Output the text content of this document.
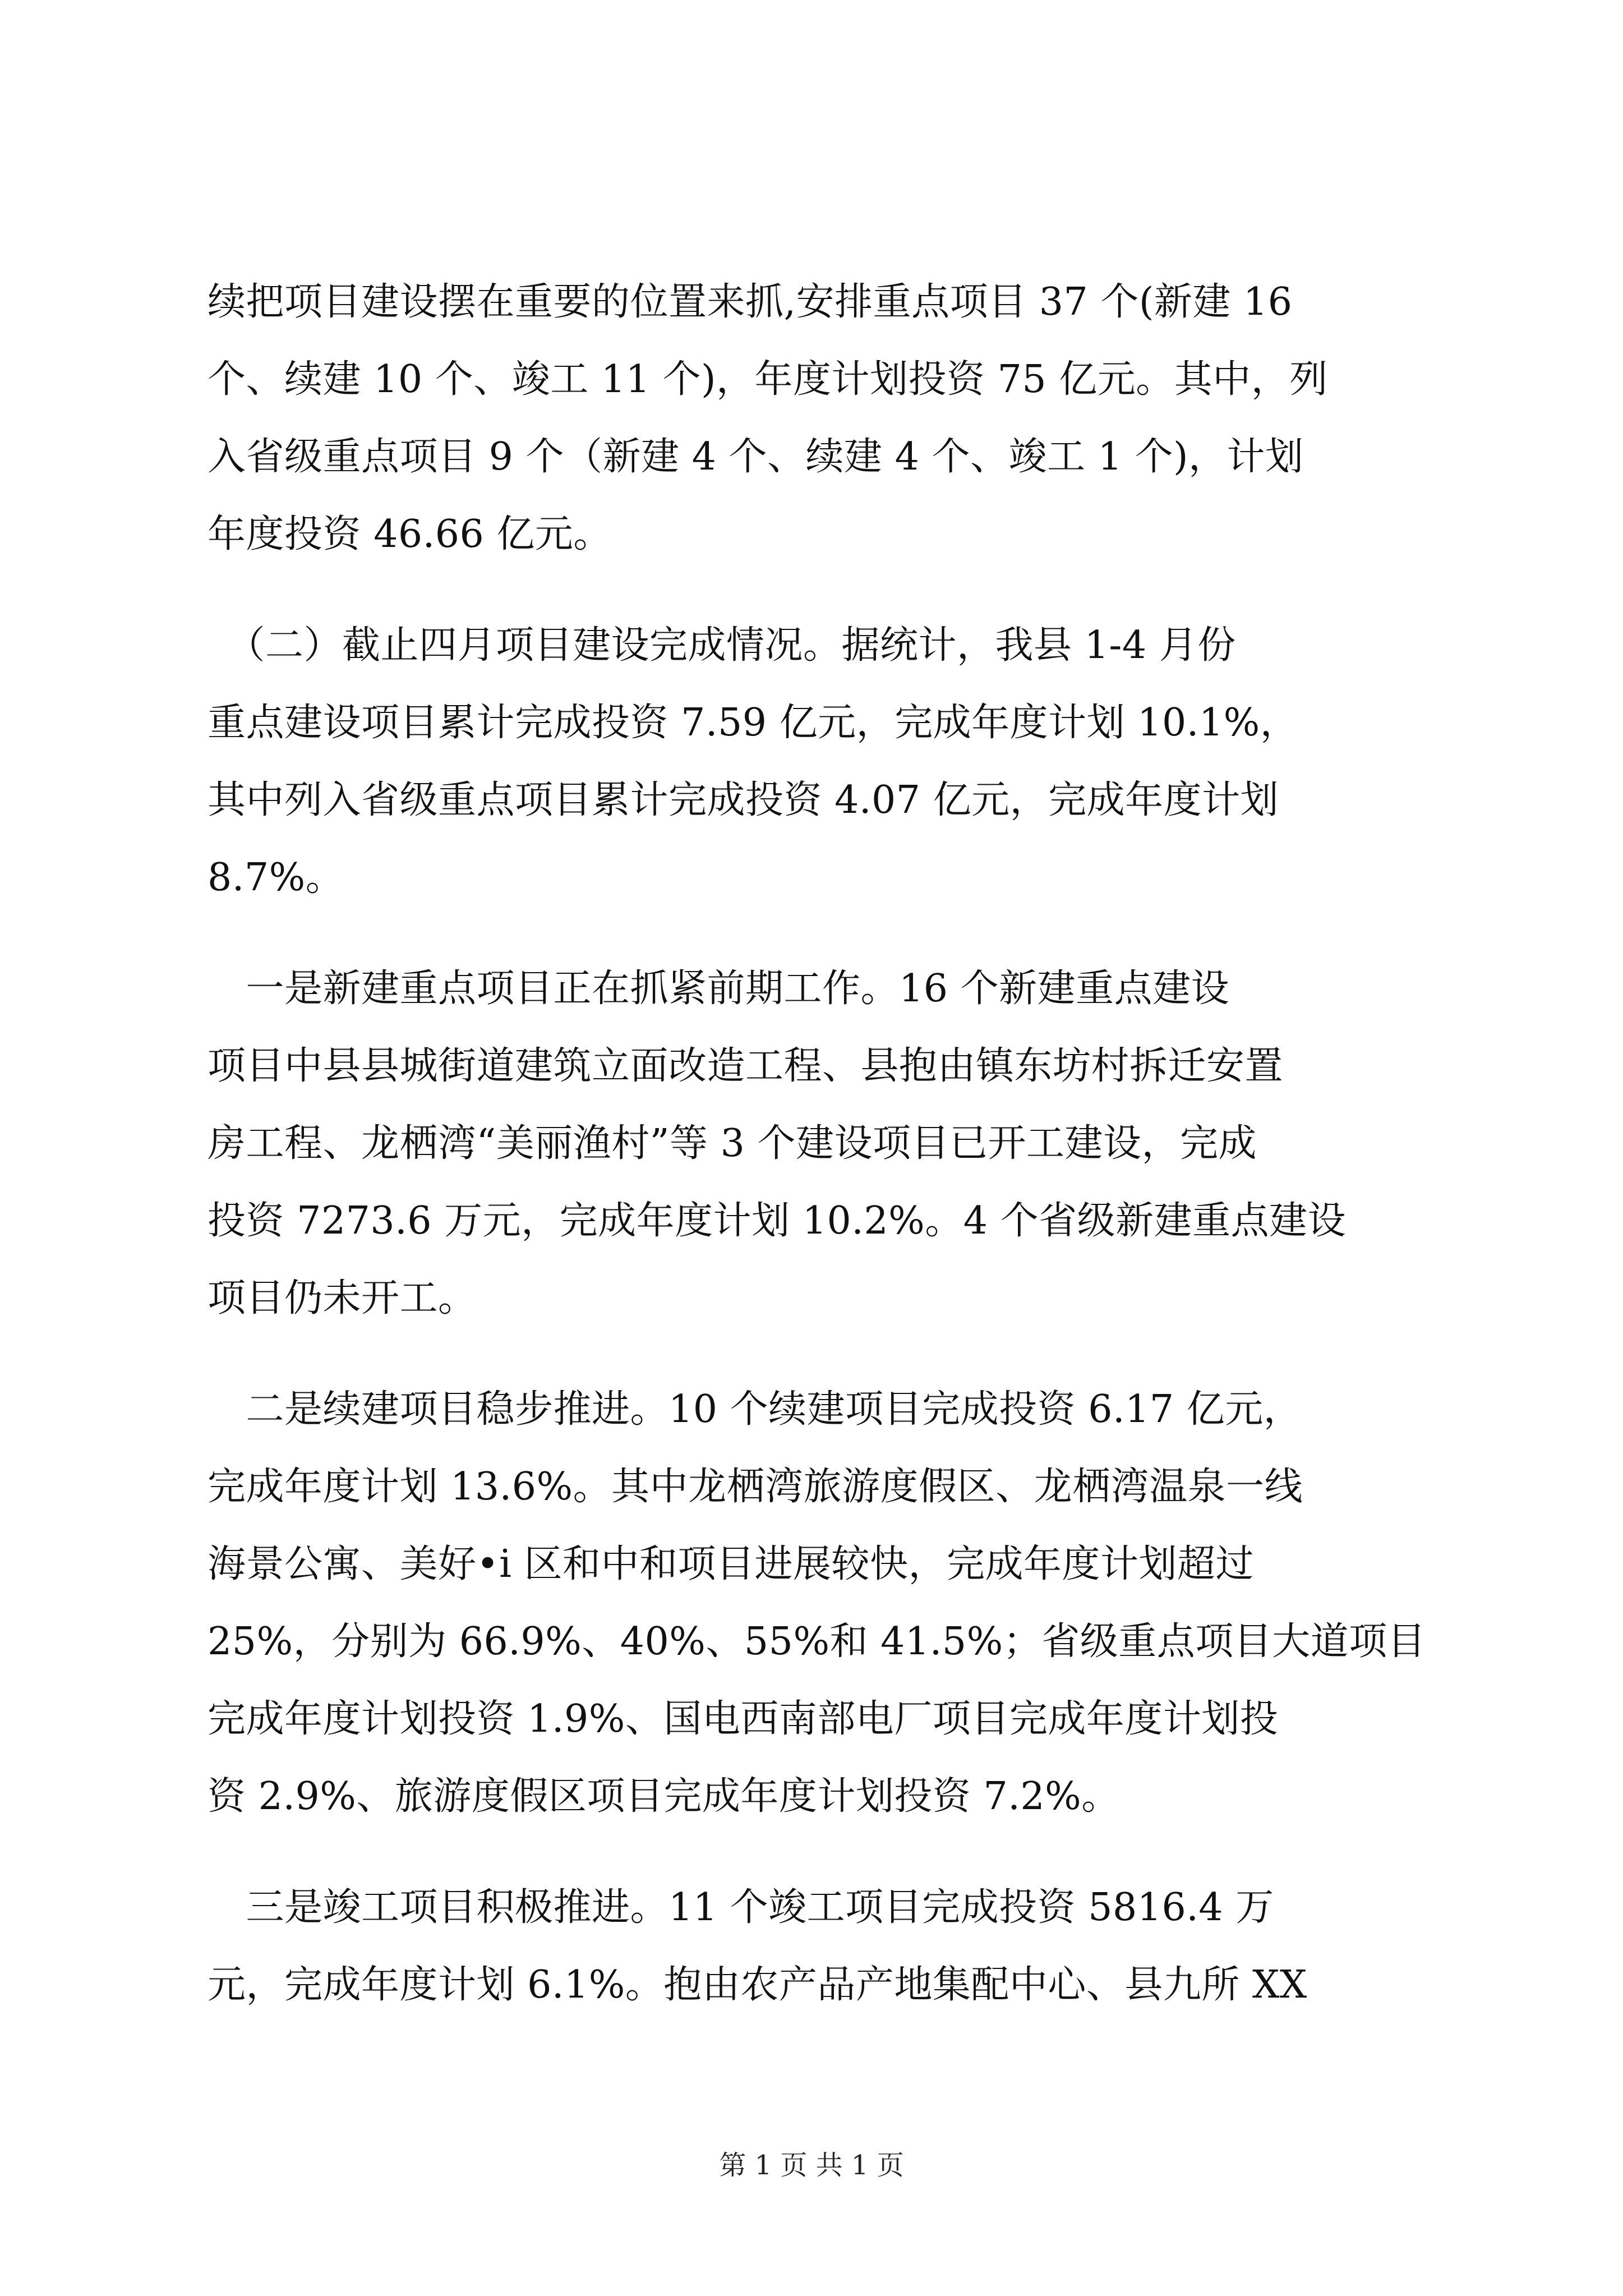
续把项目建设摆在重要的位置来抓,安排重点项目 37 个(新建 16
个、续建 10 个、竣工 11 个)，年度计划投资 75 亿元。其中，列
入省级重点项目 9 个（新建 4 个、续建 4 个、竣工 1 个)，计划
年度投资 46.66 亿元。
　（二）截止四月项目建设完成情况。据统计，我县 1-4 月份
重点建设项目累计完成投资 7.59 亿元，完成年度计划 10.1%，
其中列入省级重点项目累计完成投资 4.07 亿元，完成年度计划
8.7%。
　一是新建重点项目正在抓紧前期工作。16 个新建重点建设
项目中县县城街道建筑立面改造工程、县抱由镇东坊村拆迁安置
房工程、龙栖湾“美丽渔村”等 3 个建设项目已开工建设，完成
投资 7273.6 万元，完成年度计划 10.2%。4 个省级新建重点建设
项目仍未开工。
　二是续建项目稳步推进。10 个续建项目完成投资 6.17 亿元，
完成年度计划 13.6%。其中龙栖湾旅游度假区、龙栖湾温泉一线
海景公寓、美好•i 区和中和项目进展较快，完成年度计划超过
25%，分别为 66.9%、40%、55%和 41.5%；省级重点项目大道项目
完成年度计划投资 1.9%、国电西南部电厂项目完成年度计划投
资 2.9%、旅游度假区项目完成年度计划投资 7.2%。
　三是竣工项目积极推进。11 个竣工项目完成投资 5816.4 万
元，完成年度计划 6.1%。抱由农产品产地集配中心、县九所 XX
第 1 页 共 1 页
